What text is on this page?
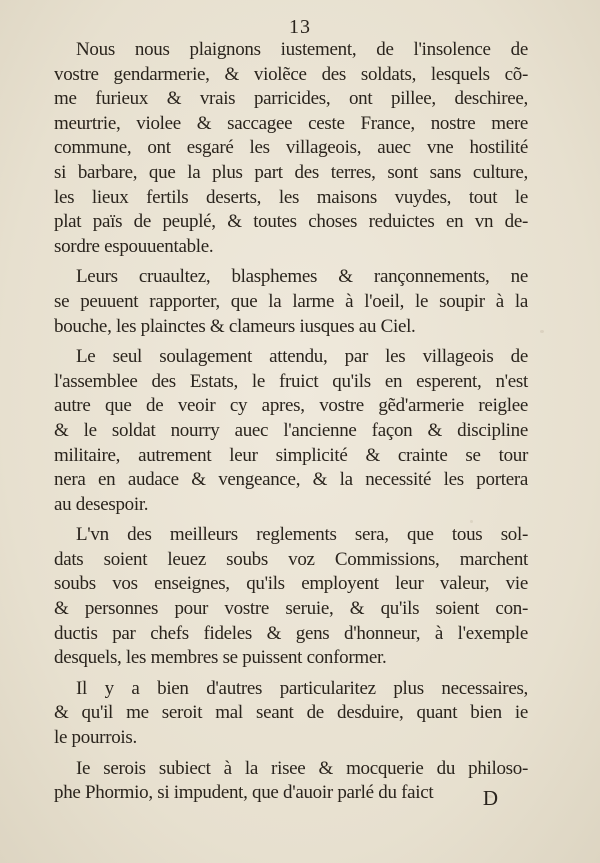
13
Nous nous plaignons iustement, de l'insolence de
vostre gendarmerie, & violẽce des soldats, lesquels cõ-
me furieux & vrais parricides, ont pillee, deschiree,
meurtrie, violee & saccagee ceste France, nostre mere
commune, ont esgaré les villageois, auec vne hostilité
si barbare, que la plus part des terres, sont sans culture,
les lieux fertils deserts, les maisons vuydes, tout le
plat païs de peuplé, & toutes choses reduictes en vn de-
sordre espouuentable.
Leurs cruaultez, blasphemes & rançonnements, ne
se peuuent rapporter, que la larme à l'oeil, le soupir à la
bouche, les plainctes & clameurs iusques au Ciel.
Le seul soulagement attendu, par les villageois de
l'assemblee des Estats, le fruict qu'ils en esperent, n'est
autre que de veoir cy apres, vostre gẽd'armerie reiglee
& le soldat nourry auec l'ancienne façon & discipline
militaire, autrement leur simplicité & crainte se tour
nera en audace & vengeance, & la necessité les portera
au desespoir.
L'vn des meilleurs reglements sera, que tous sol-
dats soient leuez soubs voz Commissions, marchent
soubs vos enseignes, qu'ils employent leur valeur, vie
& personnes pour vostre seruie, & qu'ils soient con-
ductis par chefs fideles & gens d'honneur, à l'exemple
desquels, les membres se puissent conformer.
Il y a bien d'autres particularitez plus necessaires,
& qu'il me seroit mal seant de desduire, quant bien ie
le pourrois.
Ie serois subiect à la risee & mocquerie du philoso-
phe Phormio, si impudent, que d'auoir parlé du faict	D
